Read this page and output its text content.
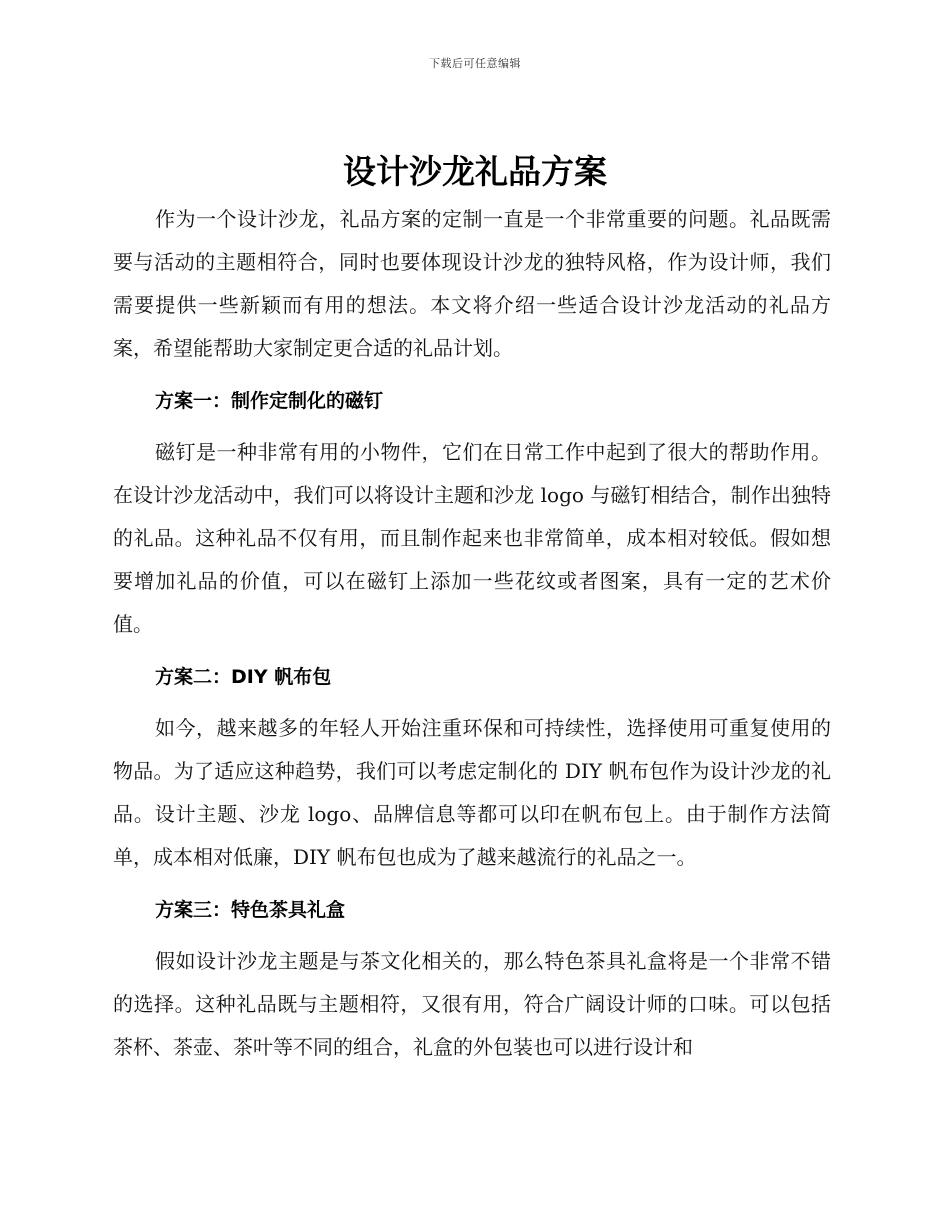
下载后可任意编辑
设计沙龙礼品方案

作为一个设计沙龙，礼品方案的定制一直是一个非常重要的问题。礼品既需要与活动的主题相符合，同时也要体现设计沙龙的独特风格，作为设计师，我们需要提供一些新颖而有用的想法。本文将介绍一些适合设计沙龙活动的礼品方案，希望能帮助大家制定更合适的礼品计划。

方案一：制作定制化的磁钉

磁钉是一种非常有用的小物件，它们在日常工作中起到了很大的帮助作用。在设计沙龙活动中，我们可以将设计主题和沙龙 logo 与磁钉相结合，制作出独特的礼品。这种礼品不仅有用，而且制作起来也非常简单，成本相对较低。假如想要增加礼品的价值，可以在磁钉上添加一些花纹或者图案，具有一定的艺术价值。

方案二：DIY 帆布包

如今，越来越多的年轻人开始注重环保和可持续性，选择使用可重复使用的物品。为了适应这种趋势，我们可以考虑定制化的 DIY 帆布包作为设计沙龙的礼品。设计主题、沙龙 logo、品牌信息等都可以印在帆布包上。由于制作方法简单，成本相对低廉，DIY 帆布包也成为了越来越流行的礼品之一。

方案三：特色茶具礼盒

假如设计沙龙主题是与茶文化相关的，那么特色茶具礼盒将是一个非常不错的选择。这种礼品既与主题相符，又很有用，符合广阔设计师的口味。可以包括茶杯、茶壶、茶叶等不同的组合，礼盒的外包装也可以进行设计和
